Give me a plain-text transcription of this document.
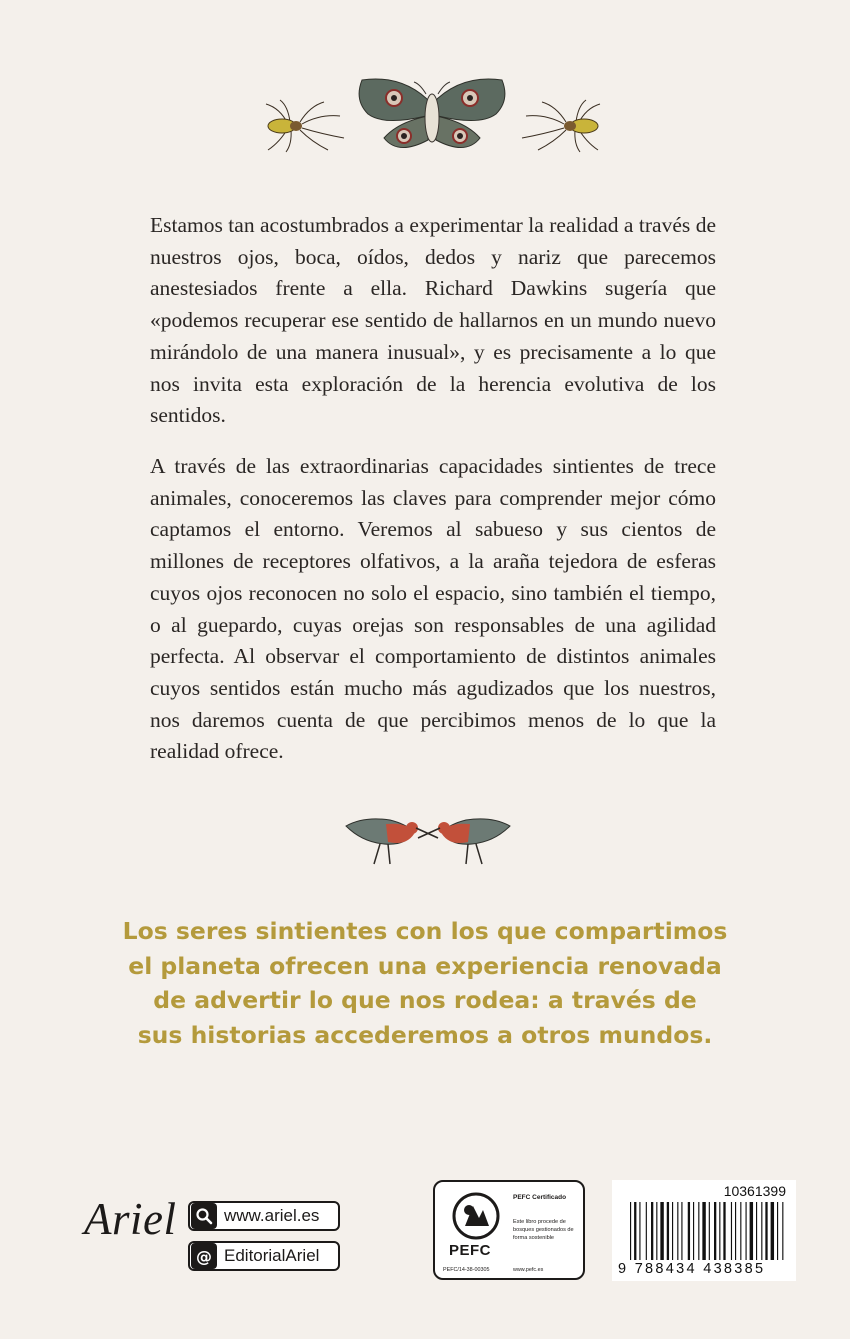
Estamos tan acostumbrados a experimentar la realidad a través de nuestros ojos, boca, oídos, dedos y nariz que parecemos anestesiados frente a ella. Richard Dawkins sugería que «podemos recuperar ese sentido de hallarnos en un mundo nuevo mirándolo de una manera inusual», y es precisamente a lo que nos invita esta exploración de la herencia evolutiva de los sentidos.

A través de las extraordinarias capacidades sintientes de trece animales, conoceremos las claves para comprender mejor cómo captamos el entorno. Veremos al sabueso y sus cientos de millones de receptores olfativos, a la araña tejedora de esferas cuyos ojos reconocen no solo el espacio, sino también el tiempo, o al guepardo, cuyas orejas son responsables de una agilidad perfecta. Al observar el comportamiento de distintos animales cuyos sentidos están mucho más agudizados que los nuestros, nos daremos cuenta de que percibimos menos de lo que la realidad ofrece.

Los seres sintientes con los que compartimos
el planeta ofrecen una experiencia renovada
de advertir lo que nos rodea: a través de
sus historias accederemos a otros mundos.
Ariel	www.ariel.es
@ EditorialAriel	PEFC
PEFC Certificado
Este libro procede de bosques gestionados de forma sostenible
PEFC/14-38-00305	www.pefc.es
10361399
9 788434 438385
